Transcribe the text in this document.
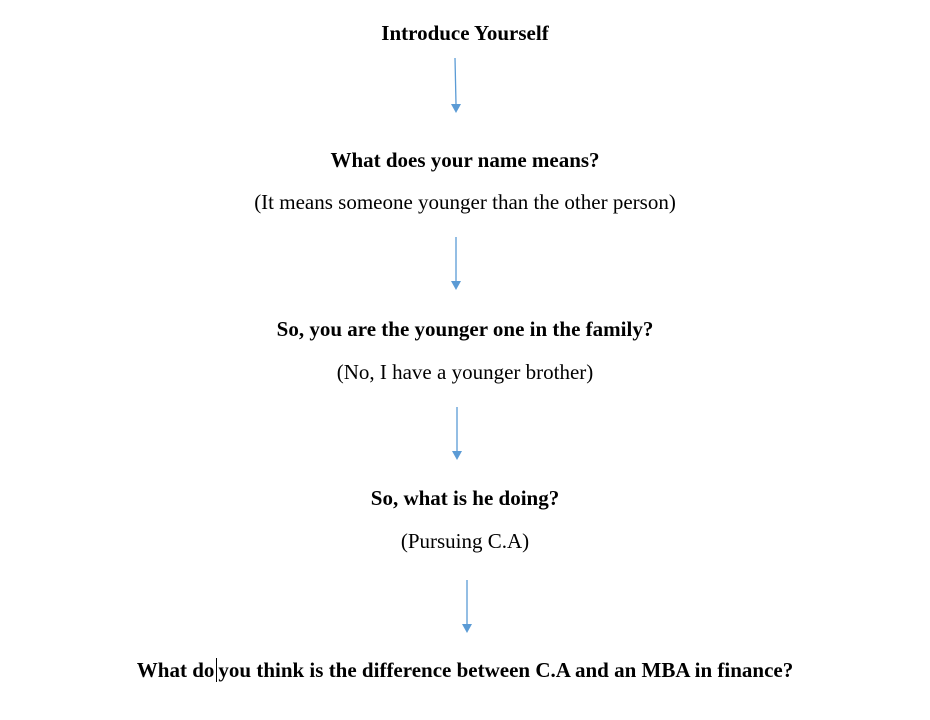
Introduce Yourself
What does your name means?
(It means someone younger than the other person)
So, you are the younger one in the family?
(No, I have a younger brother)
So, what is he doing?
(Pursuing C.A)
What do you think is the difference between C.A and an MBA in finance?
